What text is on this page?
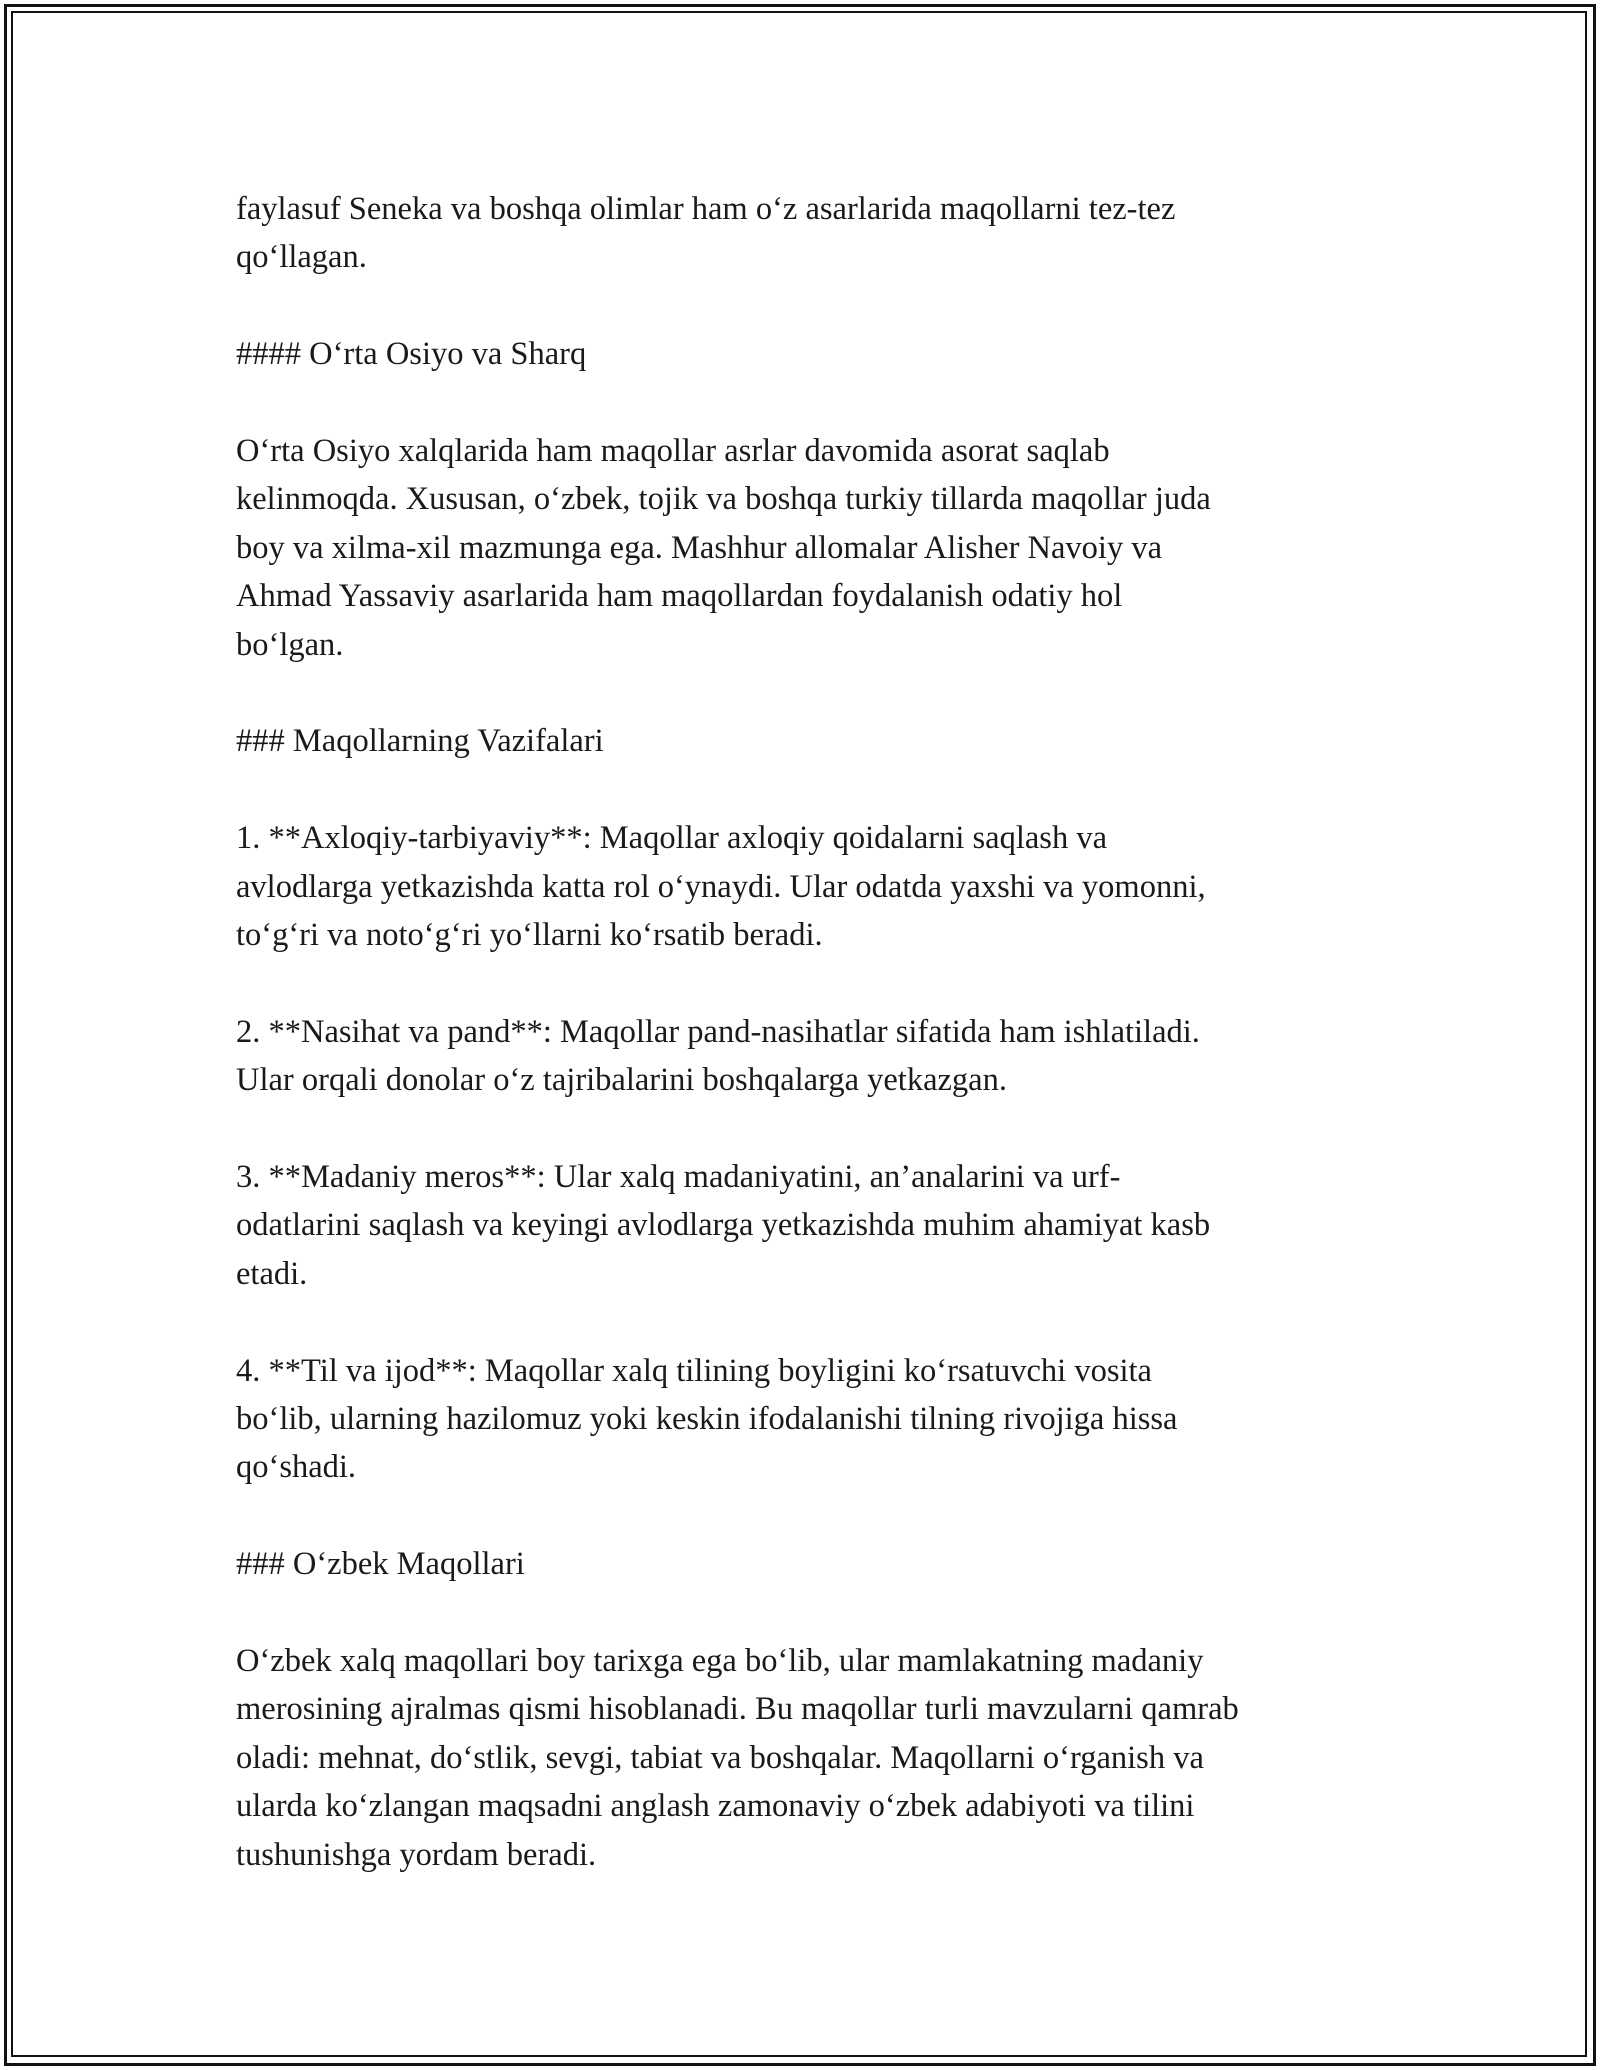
faylasuf Seneka va boshqa olimlar ham o‘z asarlarida maqollarni tez-tez
qo‘llagan.

#### O‘rta Osiyo va Sharq

O‘rta Osiyo xalqlarida ham maqollar asrlar davomida asorat saqlab
kelinmoqda. Xususan, o‘zbek, tojik va boshqa turkiy tillarda maqollar juda
boy va xilma-xil mazmunga ega. Mashhur allomalar Alisher Navoiy va
Ahmad Yassaviy asarlarida ham maqollardan foydalanish odatiy hol
bo‘lgan.

### Maqollarning Vazifalari

1. **Axloqiy-tarbiyaviy**: Maqollar axloqiy qoidalarni saqlash va
avlodlarga yetkazishda katta rol o‘ynaydi. Ular odatda yaxshi va yomonni,
to‘g‘ri va noto‘g‘ri yo‘llarni ko‘rsatib beradi.

2. **Nasihat va pand**: Maqollar pand-nasihatlar sifatida ham ishlatiladi.
Ular orqali donolar o‘z tajribalarini boshqalarga yetkazgan.

3. **Madaniy meros**: Ular xalq madaniyatini, an’analarini va urf-
odatlarini saqlash va keyingi avlodlarga yetkazishda muhim ahamiyat kasb
etadi.

4. **Til va ijod**: Maqollar xalq tilining boyligini ko‘rsatuvchi vosita
bo‘lib, ularning hazilomuz yoki keskin ifodalanishi tilning rivojiga hissa
qo‘shadi.

### O‘zbek Maqollari

O‘zbek xalq maqollari boy tarixga ega bo‘lib, ular mamlakatning madaniy
merosining ajralmas qismi hisoblanadi. Bu maqollar turli mavzularni qamrab
oladi: mehnat, do‘stlik, sevgi, tabiat va boshqalar. Maqollarni o‘rganish va
ularda ko‘zlangan maqsadni anglash zamonaviy o‘zbek adabiyoti va tilini
tushunishga yordam beradi.
